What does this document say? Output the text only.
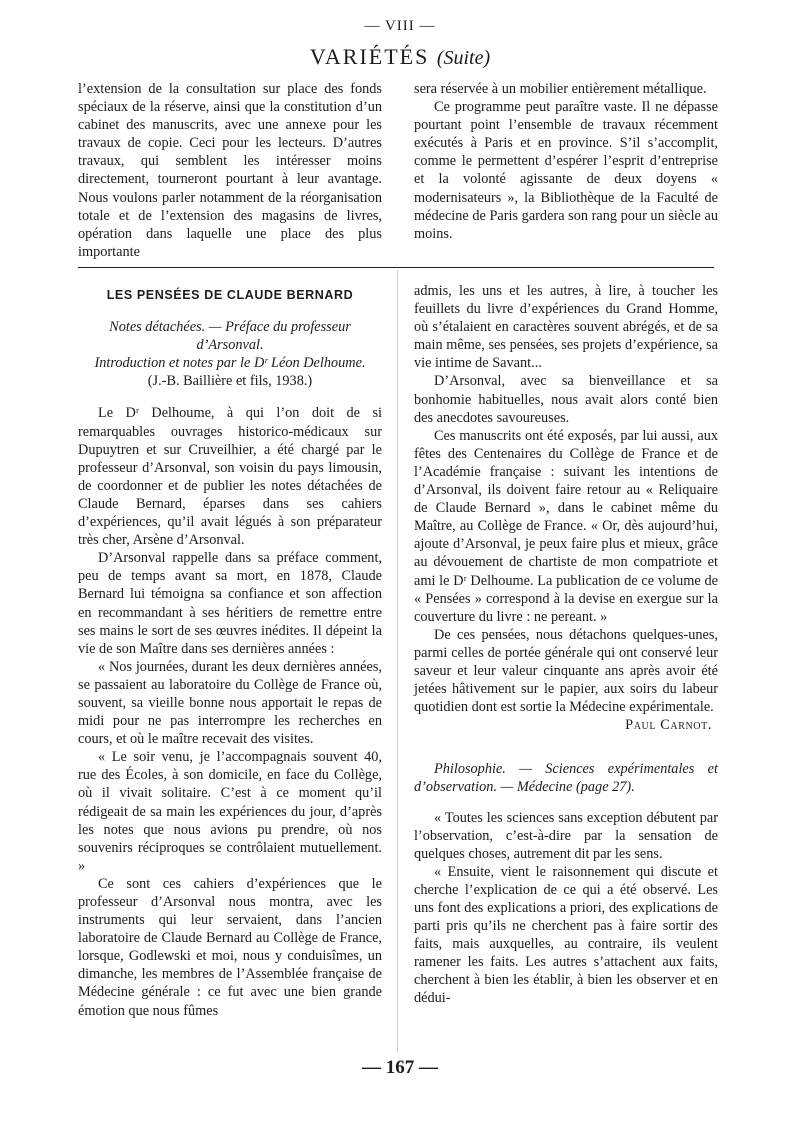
— VIII —
VARIÉTÉS (Suite)

l’extension de la consultation sur place des fonds spéciaux de la réserve, ainsi que la constitution d’un cabinet des manuscrits, avec une annexe pour les travaux de copie. Ceci pour les lecteurs. D’autres travaux, qui semblent les intéresser moins directement, tourneront pourtant à leur avantage. Nous voulons parler notamment de la réorganisation totale et de l’extension des magasins de livres, opération dans laquelle une place des plus importante

sera réservée à un mobilier entièrement métallique.

Ce programme peut paraître vaste. Il ne dépasse pourtant point l’ensemble de travaux récemment exécutés à Paris et en province. S’il s’accomplit, comme le permettent d’espérer l’esprit d’entreprise et la volonté agissante de deux doyens « modernisateurs », la Bibliothèque de la Faculté de médecine de Paris gardera son rang pour un siècle au moins.

LES PENSÉES DE CLAUDE BERNARD

Notes détachées. — Préface du professeur d’Arsonval.

Introduction et notes par le Dʳ Léon Delhoume.

(J.-B. Baillière et fils, 1938.)

Le Dʳ Delhoume, à qui l’on doit de si remarquables ouvrages historico-médicaux sur Dupuytren et sur Cruveilhier, a été chargé par le professeur d’Arsonval, son voisin du pays limousin, de coordonner et de publier les notes détachées de Claude Bernard, éparses dans ses cahiers d’expériences, qu’il avait légués à son préparateur très cher, Arsène d’Arsonval.

D’Arsonval rappelle dans sa préface comment, peu de temps avant sa mort, en 1878, Claude Bernard lui témoigna sa confiance et son affection en recommandant à ses héritiers de remettre entre ses mains le sort de ses œuvres inédites. Il dépeint la vie de son Maître dans ses dernières années :

« Nos journées, durant les deux dernières années, se passaient au laboratoire du Collège de France où, souvent, sa vieille bonne nous apportait le repas de midi pour ne pas interrompre les recherches en cours, et où le maître recevait des visites.

« Le soir venu, je l’accompagnais souvent 40, rue des Écoles, à son domicile, en face du Collège, où il vivait solitaire. C’est à ce moment qu’il rédigeait de sa main les expériences du jour, d’après les notes que nous avions pu prendre, où nos souvenirs réciproques se contrôlaient mutuellement. »

Ce sont ces cahiers d’expériences que le professeur d’Arsonval nous montra, avec les instruments qui leur servaient, dans l’ancien laboratoire de Claude Bernard au Collège de France, lorsque, Godlewski et moi, nous y conduisîmes, un dimanche, les membres de l’Assemblée française de Médecine générale : ce fut avec une bien grande émotion que nous fûmes

admis, les uns et les autres, à lire, à toucher les feuillets du livre d’expériences du Grand Homme, où s’étalaient en caractères souvent abrégés, et de sa main même, ses pensées, ses projets d’expérience, sa vie intime de Savant...

D’Arsonval, avec sa bienveillance et sa bonhomie habituelles, nous avait alors conté bien des anecdotes savoureuses.

Ces manuscrits ont été exposés, par lui aussi, aux fêtes des Centenaires du Collège de France et de l’Académie française : suivant les intentions de d’Arsonval, ils doivent faire retour au « Reliquaire de Claude Bernard », dans le cabinet même du Maître, au Collège de France. « Or, dès aujourd’hui, ajoute d’Arsonval, je peux faire plus et mieux, grâce au dévouement de chartiste de mon compatriote et ami le Dʳ Delhoume. La publication de ce volume de « Pensées » correspond à la devise en exergue sur la couverture du livre : ne pereant. »

De ces pensées, nous détachons quelques-unes, parmi celles de portée générale qui ont conservé leur saveur et leur valeur cinquante ans après avoir été jetées hâtivement sur le papier, aux soirs du labeur quotidien dont est sortie la Médecine expérimentale.

Paul Carnot.

Philosophie. — Sciences expérimentales et d’observation. — Médecine (page 27).

« Toutes les sciences sans exception débutent par l’observation, c’est-à-dire par la sensation de quelques choses, autrement dit par les sens.

« Ensuite, vient le raisonnement qui discute et cherche l’explication de ce qui a été observé. Les uns font des explications a priori, des explications de parti pris qu’ils ne cherchent pas à faire sortir des faits, mais auxquelles, au contraire, ils veulent ramener les faits. Les autres s’attachent aux faits, cherchent à bien les établir, à bien les observer et en dédui-

— 167 —
